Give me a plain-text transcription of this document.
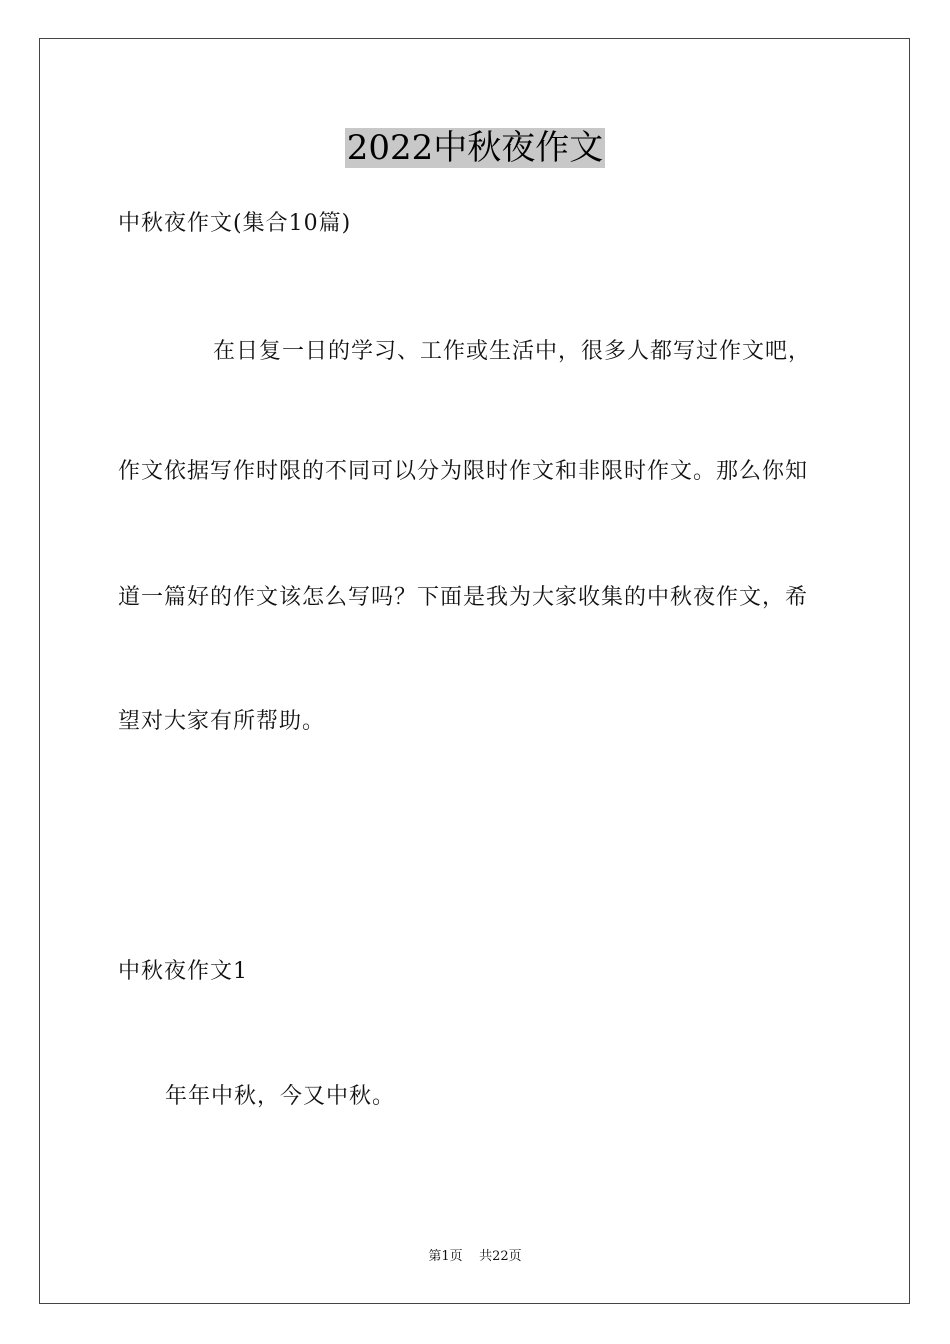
2022中秋夜作文
中秋夜作文(集合10篇)
在日复一日的学习、工作或生活中，很多人都写过作文吧，
作文依据写作时限的不同可以分为限时作文和非限时作文。那么你知
道一篇好的作文该怎么写吗？下面是我为大家收集的中秋夜作文，希
望对大家有所帮助。
中秋夜作文1
年年中秋，今又中秋。
第1页 共22页
